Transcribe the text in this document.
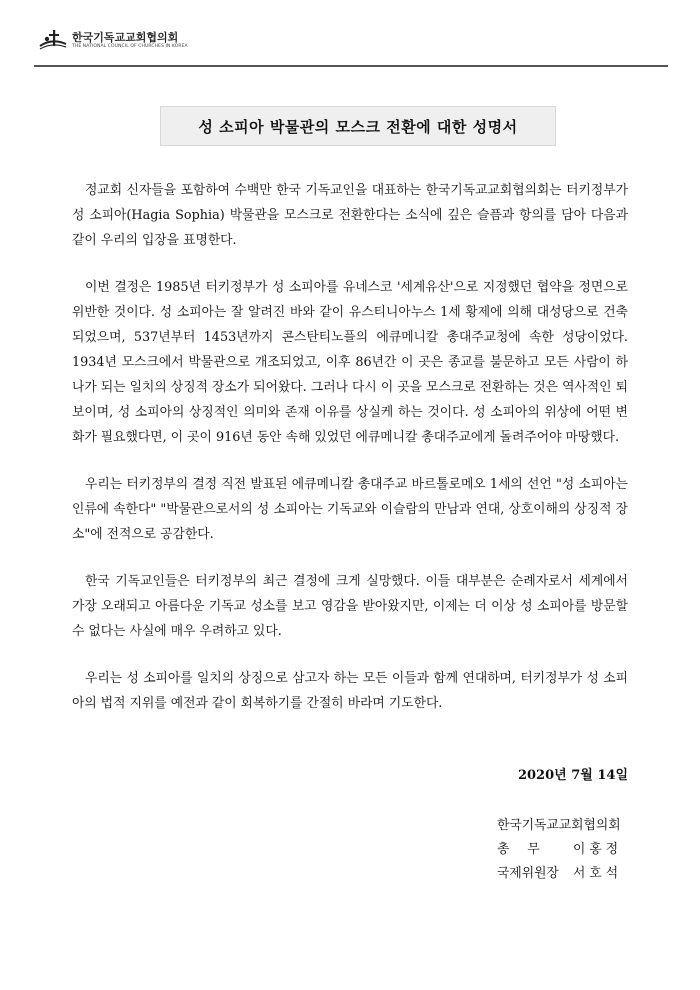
한국기독교교회협의회
THE NATIONAL COUNCIL OF CHURCHES IN KOREA
성 소피아 박물관의 모스크 전환에 대한 성명서

정교회 신자들을 포함하여 수백만 한국 기독교인을 대표하는 한국기독교교회협의회는 터키정부가 성 소피아(Hagia Sophia) 박물관을 모스크로 전환한다는 소식에 깊은 슬픔과 항의를 담아 다음과 같이 우리의 입장을 표명한다.

이번 결정은 1985년 터키정부가 성 소피아를 유네스코 '세계유산'으로 지정했던 협약을 정면으로 위반한 것이다. 성 소피아는 잘 알려진 바와 같이 유스티니아누스 1세 황제에 의해 대성당으로 건축되었으며, 537년부터 1453년까지 콘스탄티노플의 에큐메니칼 총대주교청에 속한 성당이었다. 1934년 모스크에서 박물관으로 개조되었고, 이후 86년간 이 곳은 종교를 불문하고 모든 사람이 하나가 되는 일치의 상징적 장소가 되어왔다. 그러나 다시 이 곳을 모스크로 전환하는 것은 역사적인 퇴보이며, 성 소피아의 상징적인 의미와 존재 이유를 상실케 하는 것이다. 성 소피아의 위상에 어떤 변화가 필요했다면, 이 곳이 916년 동안 속해 있었던 에큐메니칼 총대주교에게 돌려주어야 마땅했다.

우리는 터키정부의 결정 직전 발표된 에큐메니칼 총대주교 바르톨로메오 1세의 선언 "성 소피아는 인류에 속한다" "박물관으로서의 성 소피아는 기독교와 이슬람의 만남과 연대, 상호이해의 상징적 장소"에 전적으로 공감한다.

한국 기독교인들은 터키정부의 최근 결정에 크게 실망했다. 이들 대부분은 순례자로서 세계에서 가장 오래되고 아름다운 기독교 성소를 보고 영감을 받아왔지만, 이제는 더 이상 성 소피아를 방문할 수 없다는 사실에 매우 우려하고 있다.

우리는 성 소피아를 일치의 상징으로 삼고자 하는 모든 이들과 함께 연대하며, 터키정부가 성 소피아의 법적 지위를 예전과 같이 회복하기를 간절히 바라며 기도한다.

2020년 7월 14일
한국기독교교회협의회
총무 이홍정
국제위원장 서호석
